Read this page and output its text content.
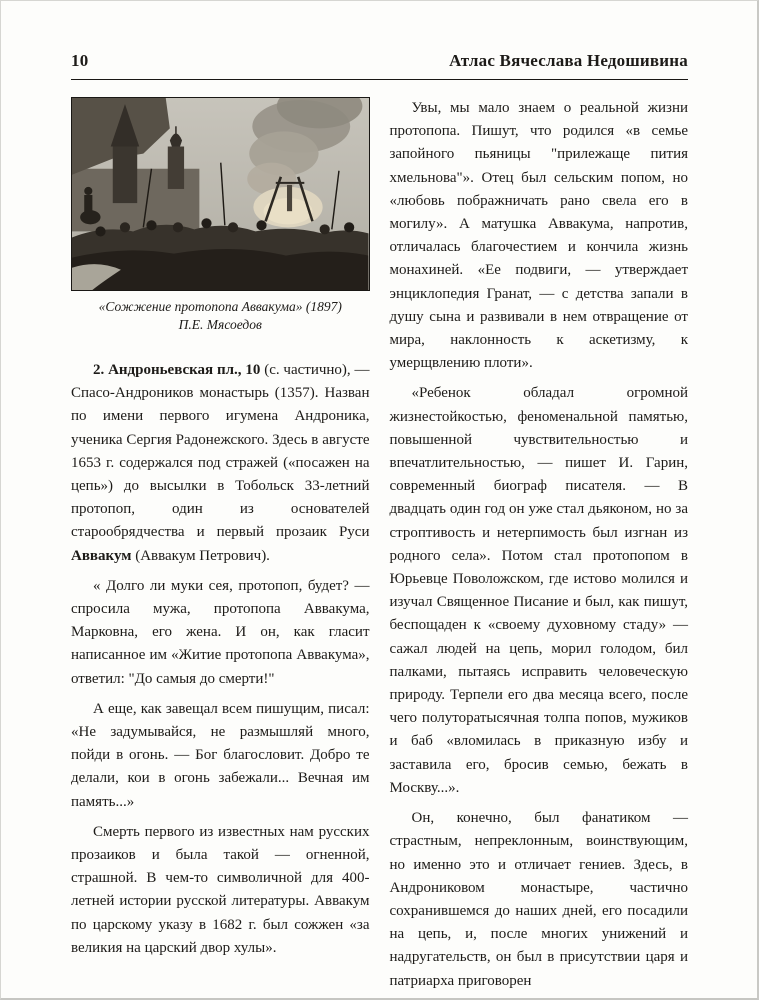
10	Атлас Вячеслава Недошивина
«Сожжение протопопа Аввакума» (1897)
П.Е. Мясоедов

2. Андроньевская пл., 10 (с. частично), — Спасо-Андроников монастырь (1357). Назван по имени первого игумена Андроника, ученика Сергия Радонежского. Здесь в августе 1653 г. содержался под стражей («посажен на цепь») до высылки в Тобольск 33-летний протопоп, один из основателей старообрядчества и первый прозаик Руси Аввакум (Аввакум Петрович).

« Долго ли муки сея, протопоп, будет? — спросила мужа, протопопа Аввакума, Марковна, его жена. И он, как гласит написанное им «Житие протопопа Аввакума», ответил: "До самыя до смерти!"

А еще, как завещал всем пишущим, писал: «Не задумывайся, не размышляй много, пойди в огонь. — Бог благословит. Добро те делали, кои в огонь забежали... Вечная им память...»

Смерть первого из известных нам русских прозаиков и была такой — огненной, страшной. В чем-то символичной для 400-летней истории русской литературы. Аввакум по царскому указу в 1682 г. был сожжен «за великия на царский двор хулы».

Увы, мы мало знаем о реальной жизни протопопа. Пишут, что родился «в семье запойного пьяницы "прилежаще пития хмельнова"». Отец был сельским попом, но «любовь пображничать рано свела его в могилу». А матушка Аввакума, напротив, отличалась благочестием и кончила жизнь монахиней. «Ее подвиги, — утверждает энциклопедия Гранат, — с детства запали в душу сына и развивали в нем отвращение от мира, наклонность к аскетизму, к умерщвлению плоти».

«Ребенок обладал огромной жизнестойкостью, феноменальной памятью, повышенной чувствительностью и впечатлительностью, — пишет И. Гарин, современный биограф писателя. — В двадцать один год он уже стал дьяконом, но за строптивость и нетерпимость был изгнан из родного села». Потом стал протопопом в Юрьевце Поволожском, где истово молился и изучал Священное Писание и был, как пишут, беспощаден к «своему духовному стаду» — сажал людей на цепь, морил голодом, бил палками, пытаясь исправить человеческую природу. Терпели его два месяца всего, после чего полуторатысячная толпа попов, мужиков и баб «вломилась в приказную избу и заставила его, бросив семью, бежать в Москву...».

Он, конечно, был фанатиком — страстным, непреклонным, воинствующим, но именно это и отличает гениев. Здесь, в Андрониковом монастыре, частично сохранившемся до наших дней, его посадили на цепь, и, после многих унижений и надругательств, он был в присутствии царя и патриарха приговорен
